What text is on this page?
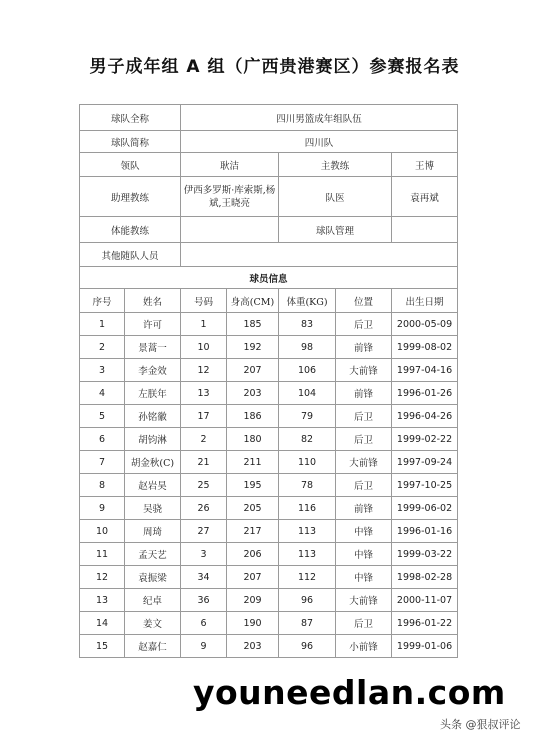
男子成年组 A 组（广西贵港赛区）参赛报名表
球队全称		四川男篮成年组队伍				
球队简称		四川队				
领队		耿洁		主教练		王博
助理教练		伊西多罗斯·库索斯,杨斌,王晓亮		队医		袁再斌
体能教练				球队管理		
其他随队人员						
球员信息						
序号	姓名	号码	身高(CM)	体重(KG)	位置	出生日期
1	许可	1	185	83	后卫	2000-05-09
2	景蒿一	10	192	98	前锋	1999-08-02
3	李金效	12	207	106	大前锋	1997-04-16
4	左朕年	13	203	104	前锋	1996-01-26
5	孙铭徽	17	186	79	后卫	1996-04-26
6	胡钧淋	2	180	82	后卫	1999-02-22
7	胡金秋(C)	21	211	110	大前锋	1997-09-24
8	赵岩昊	25	195	78	后卫	1997-10-25
9	吴骁	26	205	116	前锋	1999-06-02
10	周琦	27	217	113	中锋	1996-01-16
11	孟天艺	3	206	113	中锋	1999-03-22
12	袁振梁	34	207	112	中锋	1998-02-28
13	纪卓	36	209	96	大前锋	2000-11-07
14	姜文	6	190	87	后卫	1996-01-22
15	赵嘉仁	9	203	96	小前锋	1999-01-06
youneedlan.com
头条 @狠叔评论
